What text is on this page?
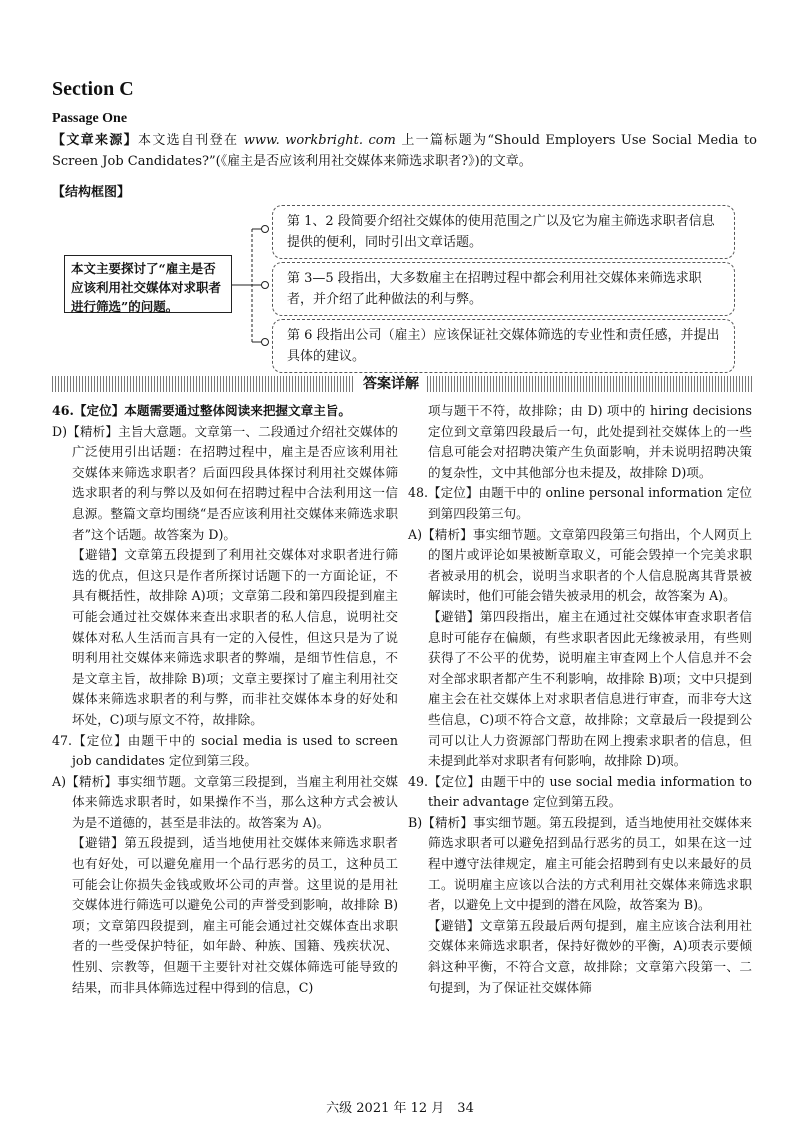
Section C
Passage One
【文章来源】本文选自刊登在 www. workbright. com 上一篇标题为“Should Employers Use Social Media to Screen Job Candidates?”(《雇主是否应该利用社交媒体来筛选求职者?》)的文章。
【结构框图】
本文主要探讨了“雇主是否应该利用社交媒体对求职者进行筛选”的问题。
第 1、2 段简要介绍社交媒体的使用范围之广以及它为雇主筛选求职者信息提供的便利，同时引出文章话题。
第 3—5 段指出，大多数雇主在招聘过程中都会利用社交媒体来筛选求职者，并介绍了此种做法的利与弊。
第 6 段指出公司（雇主）应该保证社交媒体筛选的专业性和责任感，并提出具体的建议。
答案详解

46.【定位】本题需要通过整体阅读来把握文章主旨。

D)【精析】主旨大意题。文章第一、二段通过介绍社交媒体的广泛使用引出话题：在招聘过程中，雇主是否应该利用社交媒体来筛选求职者？后面四段具体探讨利用社交媒体筛选求职者的利与弊以及如何在招聘过程中合法利用这一信息源。整篇文章均围绕“是否应该利用社交媒体来筛选求职者”这个话题。故答案为 D)。

【避错】文章第五段提到了利用社交媒体对求职者进行筛选的优点，但这只是作者所探讨话题下的一方面论证，不具有概括性，故排除 A)项；文章第二段和第四段提到雇主可能会通过社交媒体来查出求职者的私人信息，说明社交媒体对私人生活而言具有一定的入侵性，但这只是为了说明利用社交媒体来筛选求职者的弊端，是细节性信息，不是文章主旨，故排除 B)项；文章主要探讨了雇主利用社交媒体来筛选求职者的利与弊，而非社交媒体本身的好处和坏处，C)项与原文不符，故排除。

47.【定位】由题干中的 social media is used to screen job candidates 定位到第三段。

A)【精析】事实细节题。文章第三段提到，当雇主利用社交媒体来筛选求职者时，如果操作不当，那么这种方式会被认为是不道德的，甚至是非法的。故答案为 A)。

【避错】第五段提到，适当地使用社交媒体来筛选求职者也有好处，可以避免雇用一个品行恶劣的员工，这种员工可能会让你损失金钱或败坏公司的声誉。这里说的是用社交媒体进行筛选可以避免公司的声誉受到影响，故排除 B)项；文章第四段提到，雇主可能会通过社交媒体查出求职者的一些受保护特征，如年龄、种族、国籍、残疾状况、性别、宗教等，但题干主要针对社交媒体筛选可能导致的结果，而非具体筛选过程中得到的信息，C)

项与题干不符，故排除；由 D) 项中的 hiring decisions 定位到文章第四段最后一句，此处提到社交媒体上的一些信息可能会对招聘决策产生负面影响，并未说明招聘决策的复杂性，文中其他部分也未提及，故排除 D)项。

48.【定位】由题干中的 online personal information 定位到第四段第三句。

A)【精析】事实细节题。文章第四段第三句指出，个人网页上的图片或评论如果被断章取义，可能会毁掉一个完美求职者被录用的机会，说明当求职者的个人信息脱离其背景被解读时，他们可能会错失被录用的机会，故答案为 A)。

【避错】第四段指出，雇主在通过社交媒体审查求职者信息时可能存在偏颇，有些求职者因此无缘被录用，有些则获得了不公平的优势，说明雇主审查网上个人信息并不会对全部求职者都产生不利影响，故排除 B)项；文中只提到雇主会在社交媒体上对求职者信息进行审查，而非夸大这些信息，C)项不符合文意，故排除；文章最后一段提到公司可以让人力资源部门帮助在网上搜索求职者的信息，但未提到此举对求职者有何影响，故排除 D)项。

49.【定位】由题干中的 use social media information to their advantage 定位到第五段。

B)【精析】事实细节题。第五段提到，适当地使用社交媒体来筛选求职者可以避免招到品行恶劣的员工，如果在这一过程中遵守法律规定，雇主可能会招聘到有史以来最好的员工。说明雇主应该以合法的方式利用社交媒体来筛选求职者，以避免上文中提到的潜在风险，故答案为 B)。

【避错】文章第五段最后两句提到，雇主应该合法利用社交媒体来筛选求职者，保持好微妙的平衡，A)项表示要倾斜这种平衡，不符合文意，故排除；文章第六段第一、二句提到，为了保证社交媒体筛

六级 2021 年 12 月　34
